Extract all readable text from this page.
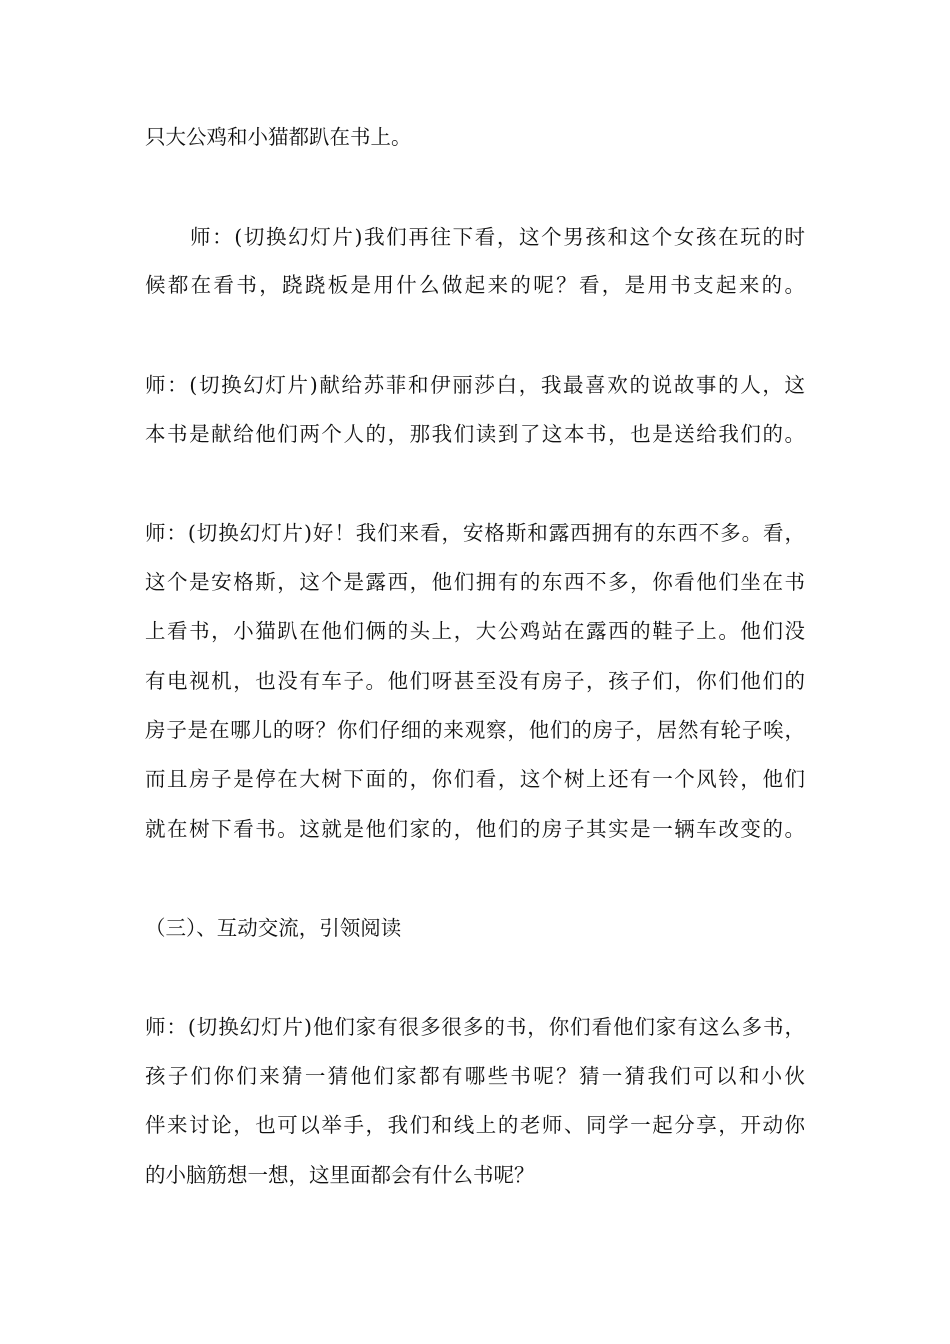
只大公鸡和小猫都趴在书上。
师：(切换幻灯片)我们再往下看，这个男孩和这个女孩在玩的时
候都在看书，跷跷板是用什么做起来的呢？看，是用书支起来的。
师：(切换幻灯片)献给苏菲和伊丽莎白，我最喜欢的说故事的人，这
本书是献给他们两个人的，那我们读到了这本书，也是送给我们的。
师：(切换幻灯片)好！我们来看，安格斯和露西拥有的东西不多。看，
这个是安格斯，这个是露西，他们拥有的东西不多，你看他们坐在书
上看书，小猫趴在他们俩的头上，大公鸡站在露西的鞋子上。他们没
有电视机，也没有车子。他们呀甚至没有房子，孩子们，你们他们的
房子是在哪儿的呀？你们仔细的来观察，他们的房子，居然有轮子唉，
而且房子是停在大树下面的，你们看，这个树上还有一个风铃，他们
就在树下看书。这就是他们家的，他们的房子其实是一辆车改变的。
（三）、互动交流，引领阅读
师：(切换幻灯片)他们家有很多很多的书，你们看他们家有这么多书，
孩子们你们来猜一猜他们家都有哪些书呢？猜一猜我们可以和小伙
伴来讨论，也可以举手，我们和线上的老师、同学一起分享，开动你
的小脑筋想一想，这里面都会有什么书呢？
